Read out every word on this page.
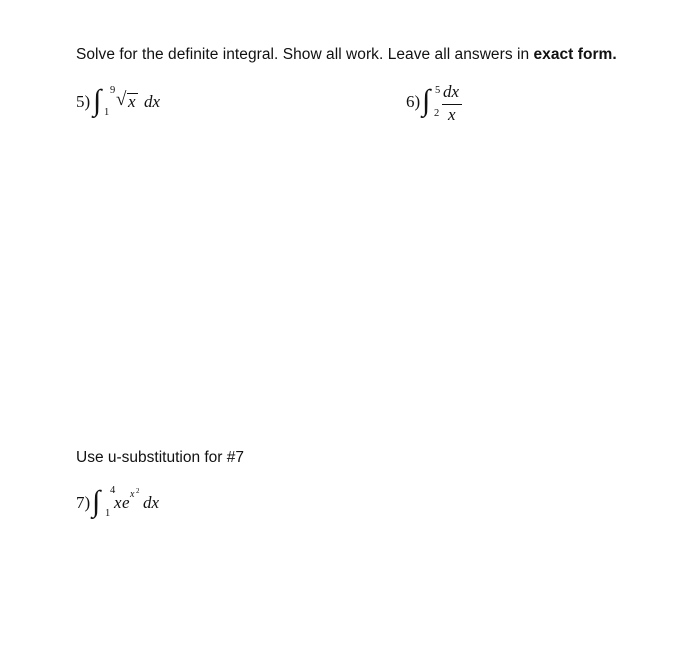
Solve for the definite integral. Show all work. Leave all answers in exact form.
5) ∫ 9
1
√ x dx	6) ∫ 5
2
dx
x
Use u-substitution for #7
7) ∫ 4
1
x e x 2
dx
